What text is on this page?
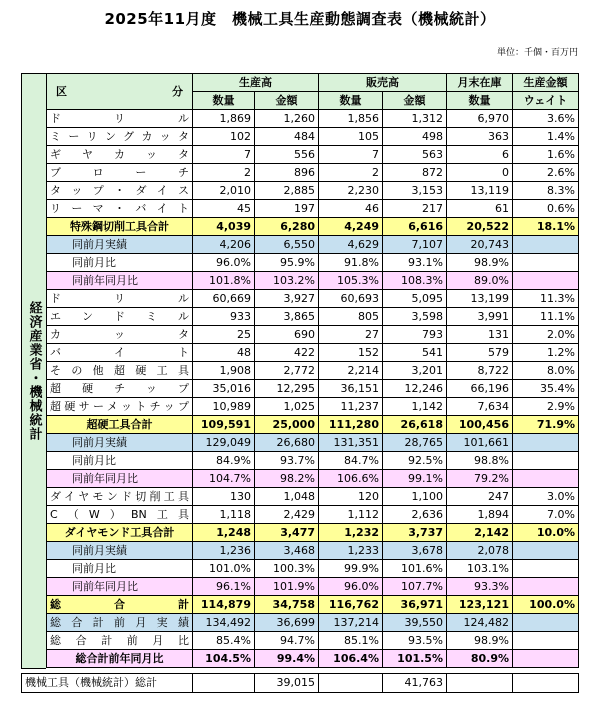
2025年11月度　機械工具生産動態調査表（機械統計）
単位：千個・百万円
経済産業省・機械統計
区 分	生産高		販売高		月末在庫	生産金額
	数量	金額	数量	金額	数量	ウェイト

ドリル	1,869	1,260	1,856	1,312	6,970	3.6%

ミーリングカッタ	102	484	105	498	363	1.4%

ギヤカッタ	7	556	7	563	6	1.6%

ブローチ	2	896	2	872	0	2.6%

タップ・ダイス	2,010	2,885	2,230	3,153	13,119	8.3%

リーマ・バイト	45	197	46	217	61	0.6%

特殊鋼切削工具合計	4,039	6,280	4,249	6,616	20,522	18.1%

同前月実績	4,206	6,550	4,629	7,107	20,743	

同前月比	96.0%	95.9%	91.8%	93.1%	98.9%	

同前年同月比	101.8%	103.2%	105.3%	108.3%	89.0%	

ドリル	60,669	3,927	60,693	5,095	13,199	11.3%

エンドミル	933	3,865	805	3,598	3,991	11.1%

カッタ	25	690	27	793	131	2.0%

バイト	48	422	152	541	579	1.2%

その他超硬工具	1,908	2,772	2,214	3,201	8,722	8.0%

超硬チップ	35,016	12,295	36,151	12,246	66,196	35.4%

超硬サーメットチップ	10,989	1,025	11,237	1,142	7,634	2.9%

超硬工具合計	109,591	25,000	111,280	26,618	100,456	71.9%

同前月実績	129,049	26,680	131,351	28,765	101,661	

同前月比	84.9%	93.7%	84.7%	92.5%	98.8%	

同前年同月比	104.7%	98.2%	106.6%	99.1%	79.2%	

ダイヤモンド切削工具	130	1,048	120	1,100	247	3.0%

C（W）BN工具	1,118	2,429	1,112	2,636	1,894	7.0%

ダイヤモンド工具合計	1,248	3,477	1,232	3,737	2,142	10.0%

同前月実績	1,236	3,468	1,233	3,678	2,078	

同前月比	101.0%	100.3%	99.9%	101.6%	103.1%	

同前年同月比	96.1%	101.9%	96.0%	107.7%	93.3%	

総合計	114,879	34,758	116,762	36,971	123,121	100.0%

総合計前月実績	134,492	36,699	137,214	39,550	124,482	

総合計前月比	85.4%	94.7%	85.1%	93.5%	98.9%	

総合計前年同月比	104.5%	99.4%	106.4%	101.5%	80.9%	
機械工具（機械統計）総計		39,015		41,763		
